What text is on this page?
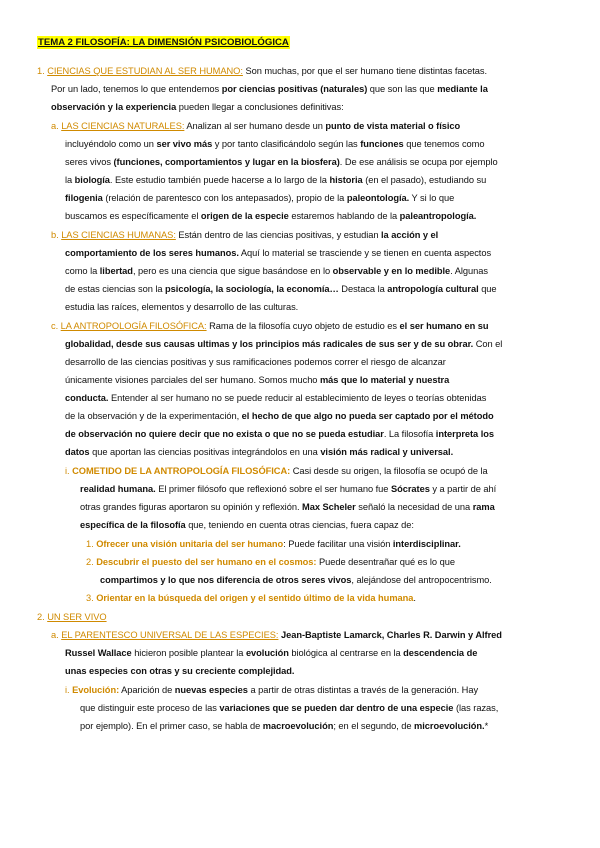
TEMA 2 FILOSOFÍA: LA DIMENSIÓN PSICOBIOLÓGICA
1. CIENCIAS QUE ESTUDIAN AL SER HUMANO: Son muchas, por que el ser humano tiene distintas facetas.
Por un lado, tenemos lo que entendemos por ciencias positivas (naturales) que son las que mediante la
observación y la experiencia pueden llegar a conclusiones definitivas:
a. LAS CIENCIAS NATURALES: Analizan al ser humano desde un punto de vista material o físico
incluyéndolo como un ser vivo más y por tanto clasificándolo según las funciones que tenemos como
seres vivos (funciones, comportamientos y lugar en la biosfera). De ese análisis se ocupa por ejemplo
la biología. Este estudio también puede hacerse a lo largo de la historia (en el pasado), estudiando su
filogenia (relación de parentesco con los antepasados), propio de la paleontología. Y si lo que
buscamos es específicamente el origen de la especie estaremos hablando de la paleantropología.
b. LAS CIENCIAS HUMANAS: Están dentro de las ciencias positivas, y estudian la acción y el
comportamiento de los seres humanos. Aquí lo material se trasciende y se tienen en cuenta aspectos
como la libertad, pero es una ciencia que sigue basándose en lo observable y en lo medible. Algunas
de estas ciencias son la psicología, la sociología, la economía… Destaca la antropología cultural que
estudia las raíces, elementos y desarrollo de las culturas.
c. LA ANTROPOLOGÍA FILOSÓFICA: Rama de la filosofía cuyo objeto de estudio es el ser humano en su
globalidad, desde sus causas ultimas y los principios más radicales de sus ser y de su obrar. Con el
desarrollo de las ciencias positivas y sus ramificaciones podemos correr el riesgo de alcanzar
únicamente visiones parciales del ser humano. Somos mucho más que lo material y nuestra
conducta. Entender al ser humano no se puede reducir al establecimiento de leyes o teorías obtenidas
de la observación y de la experimentación, el hecho de que algo no pueda ser captado por el método
de observación no quiere decir que no exista o que no se pueda estudiar. La filosofía interpreta los
datos que aportan las ciencias positivas integrándolos en una visión más radical y universal.
i. COMETIDO DE LA ANTROPOLOGÍA FILOSÓFICA: Casi desde su origen, la filosofía se ocupó de la
realidad humana. El primer filósofo que reflexionó sobre el ser humano fue Sócrates y a partir de ahí
otras grandes figuras aportaron su opinión y reflexión. Max Scheler señaló la necesidad de una rama
específica de la filosofía que, teniendo en cuenta otras ciencias, fuera capaz de:
1. Ofrecer una visión unitaria del ser humano: Puede facilitar una visión interdisciplinar.
2. Descubrir el puesto del ser humano en el cosmos: Puede desentrañar qué es lo que
compartimos y lo que nos diferencia de otros seres vivos, alejándose del antropocentrismo.
3. Orientar en la búsqueda del origen y el sentido último de la vida humana.
2. UN SER VIVO
a. EL PARENTESCO UNIVERSAL DE LAS ESPECIES: Jean-Baptiste Lamarck, Charles R. Darwin y Alfred
Russel Wallace hicieron posible plantear la evolución biológica al centrarse en la descendencia de
unas especies con otras y su creciente complejidad.
i. Evolución: Aparición de nuevas especies a partir de otras distintas a través de la generación. Hay
que distinguir este proceso de las variaciones que se pueden dar dentro de una especie (las razas,
por ejemplo). En el primer caso, se habla de macroevolución; en el segundo, de microevolución.*
